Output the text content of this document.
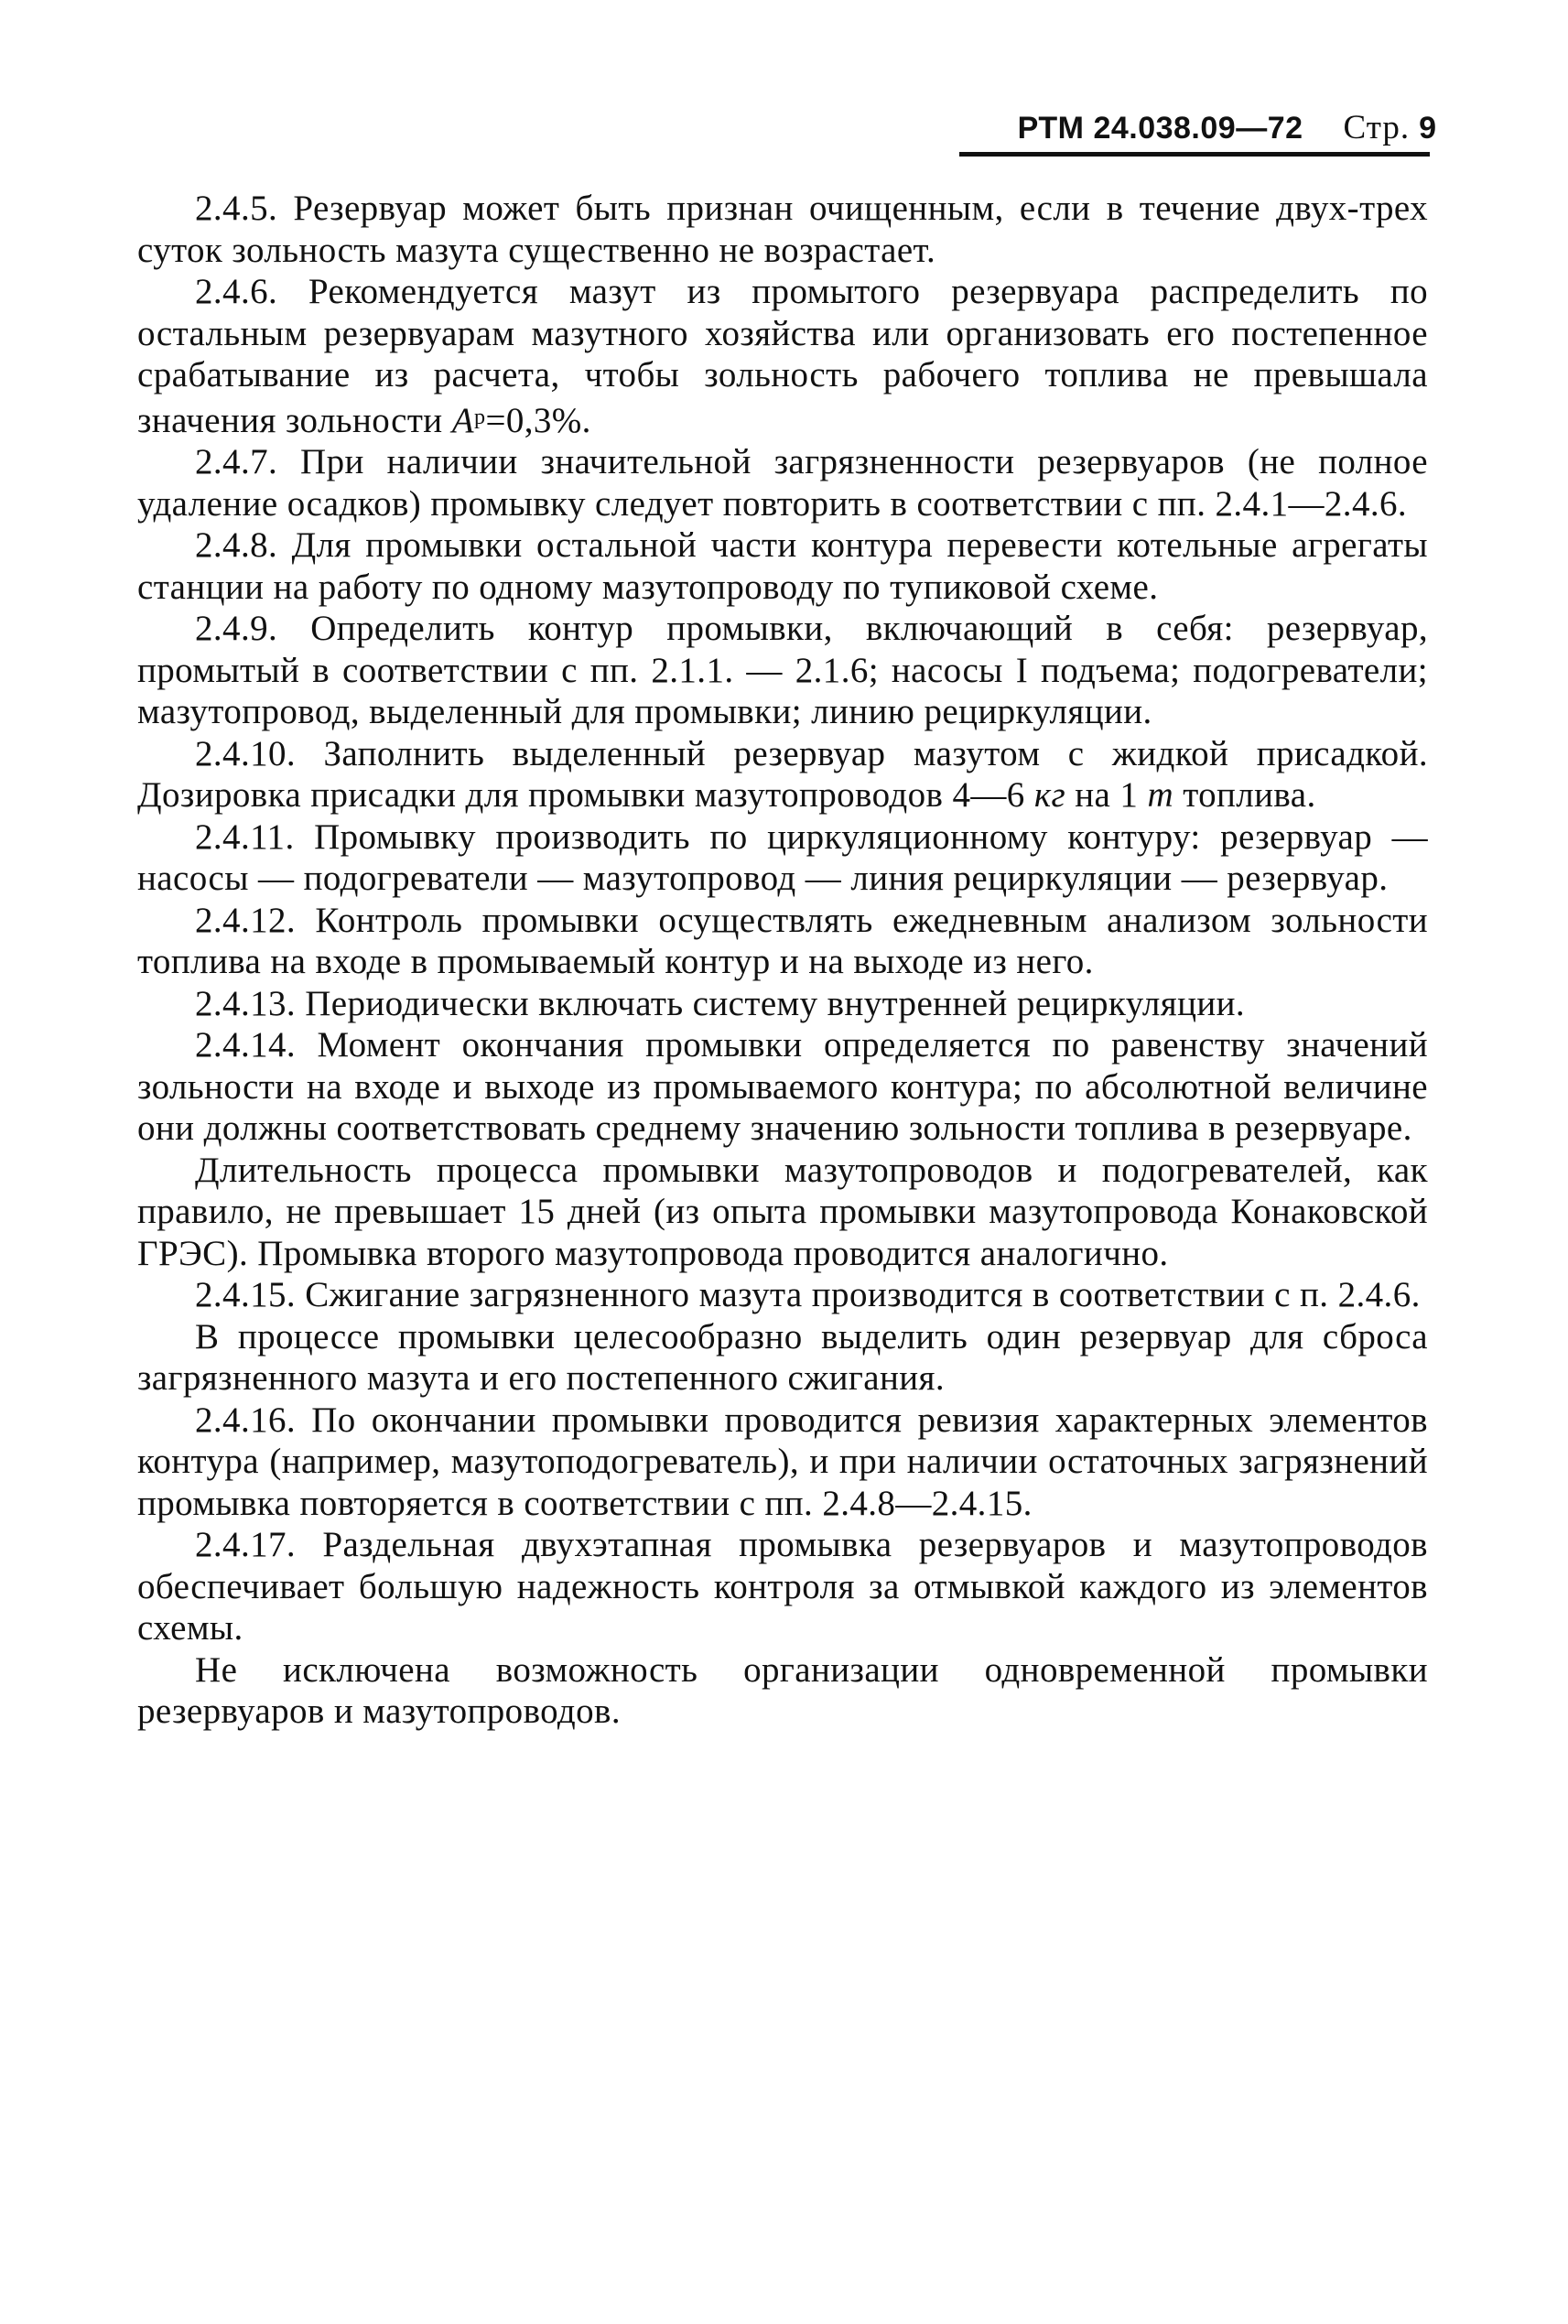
РТМ 24.038.09—72 Стр. 9

2.4.5. Резервуар может быть признан очищенным, если в течение двух-трех суток зольность мазута существенно не возрастает.

2.4.6. Рекомендуется мазут из промытого резервуара распределить по остальным резервуарам мазутного хозяйства или организовать его постепенное срабатывание из расчета, чтобы зольность рабочего топлива не превышала значения зольности $A^р=0,3\%$.

2.4.7. При наличии значительной загрязненности резервуаров (не полное удаление осадков) промывку следует повторить в соответствии с пп. 2.4.1—2.4.6.

2.4.8. Для промывки остальной части контура перевести котельные агрегаты станции на работу по одному мазутопроводу по тупиковой схеме.

2.4.9. Определить контур промывки, включающий в себя: резервуар, промытый в соответствии с пп. 2.1.1. — 2.1.6; насосы I подъема; подогреватели; мазутопровод, выделенный для промывки; линию рециркуляции.

2.4.10. Заполнить выделенный резервуар мазутом с жидкой присадкой. Дозировка присадки для промывки мазутопроводов 4—6 кг на 1 т топлива.

2.4.11. Промывку производить по циркуляционному контуру: резервуар — насосы — подогреватели — мазутопровод — линия рециркуляции — резервуар.

2.4.12. Контроль промывки осуществлять ежедневным анализом зольности топлива на входе в промываемый контур и на выходе из него.

2.4.13. Периодически включать систему внутренней рециркуляции.

2.4.14. Момент окончания промывки определяется по равенству значений зольности на входе и выходе из промываемого контура; по абсолютной величине они должны соответствовать среднему значению зольности топлива в резервуаре.

Длительность процесса промывки мазутопроводов и подогревателей, как правило, не превышает 15 дней (из опыта промывки мазутопровода Конаковской ГРЭС). Промывка второго мазутопровода проводится аналогично.

2.4.15. Сжигание загрязненного мазута производится в соответствии с п. 2.4.6.

В процессе промывки целесообразно выделить один резервуар для сброса загрязненного мазута и его постепенного сжигания.

2.4.16. По окончании промывки проводится ревизия характерных элементов контура (например, мазутоподогреватель), и при наличии остаточных загрязнений промывка повторяется в соответствии с пп. 2.4.8—2.4.15.

2.4.17. Раздельная двухэтапная промывка резервуаров и мазутопроводов обеспечивает большую надежность контроля за отмывкой каждого из элементов схемы.

Не исключена возможность организации одновременной промывки резервуаров и мазутопроводов.
